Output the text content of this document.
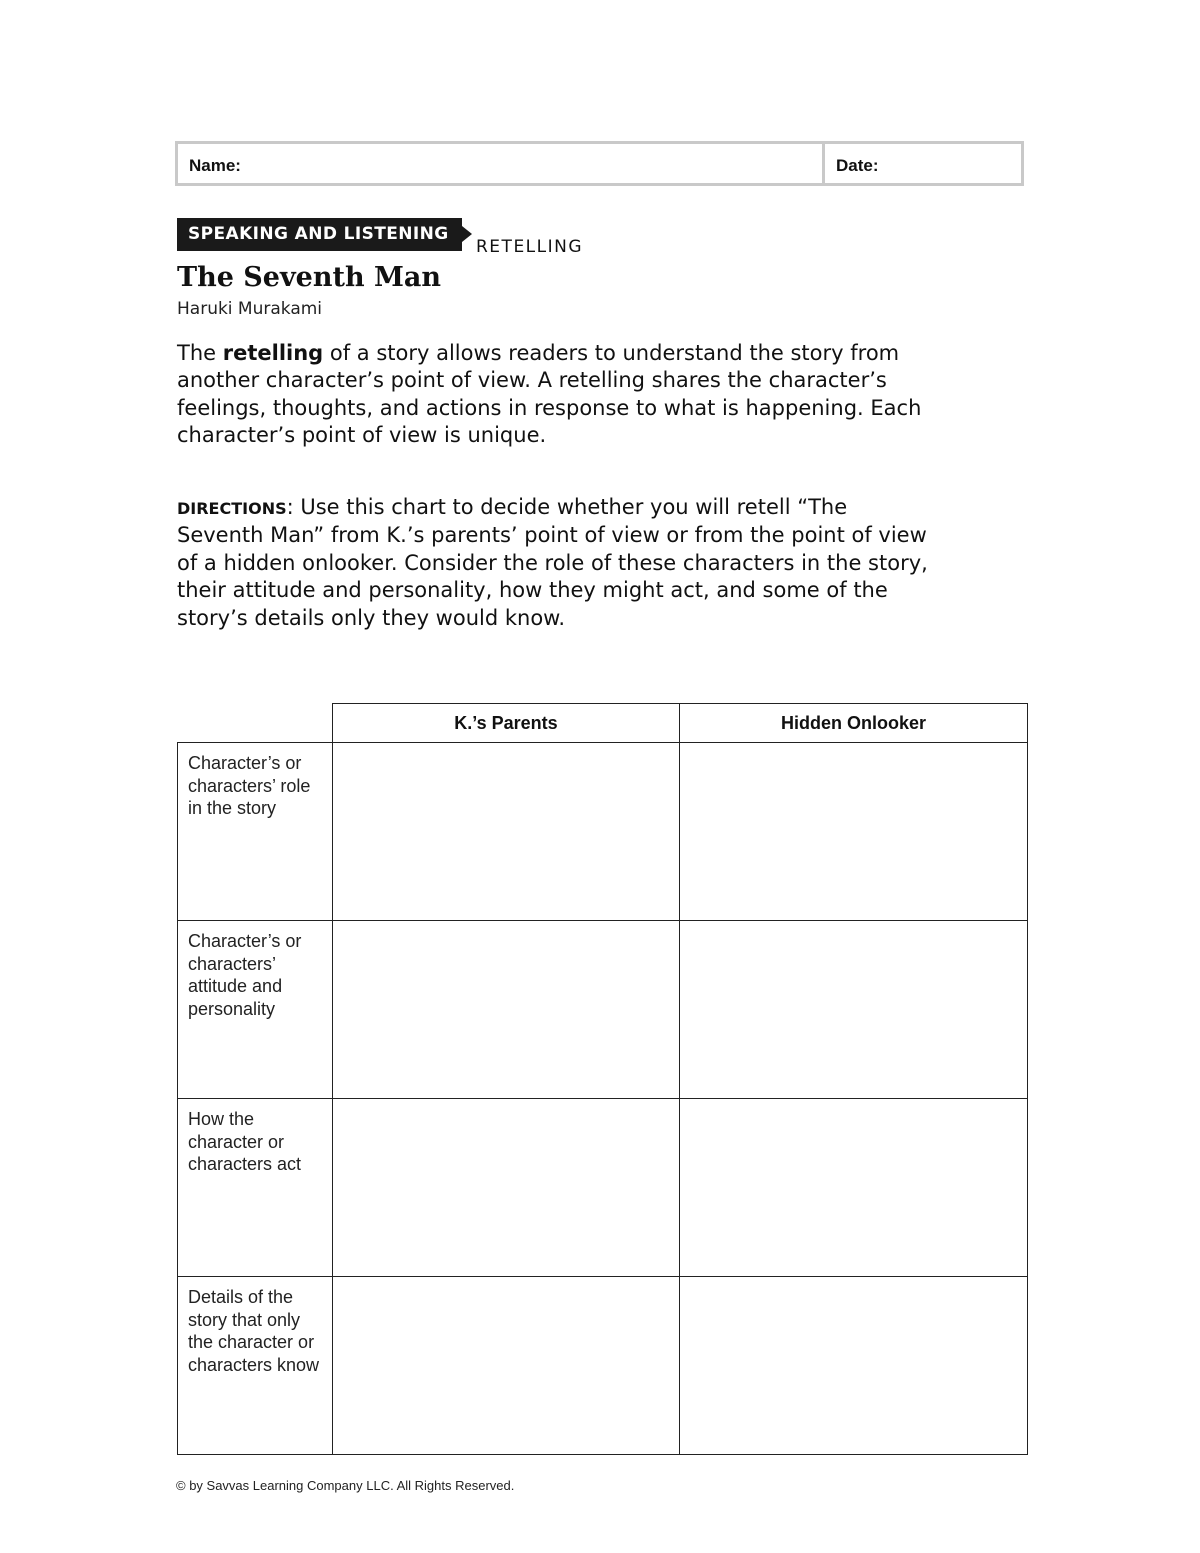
Name:	Date:
SPEAKING AND LISTENING
RETELLING
The Seventh Man
Haruki Murakami
The retelling of a story allows readers to understand the story from another character’s point of view. A retelling shares the character’s feelings, thoughts, and actions in response to what is happening. Each character’s point of view is unique.
DIRECTIONS: Use this chart to decide whether you will retell “The Seventh Man” from K.’s parents’ point of view or from the point of view of a hidden onlooker. Consider the role of these characters in the story, their attitude and personality, how they might act, and some of the story’s details only they would know.
	K.’s Parents	Hidden Onlooker
Character’s or characters’ role in the story		
Character’s or characters’ attitude and personality		
How the character or characters act		
Details of the story that only the character or characters know		
© by Savvas Learning Company LLC. All Rights Reserved.
